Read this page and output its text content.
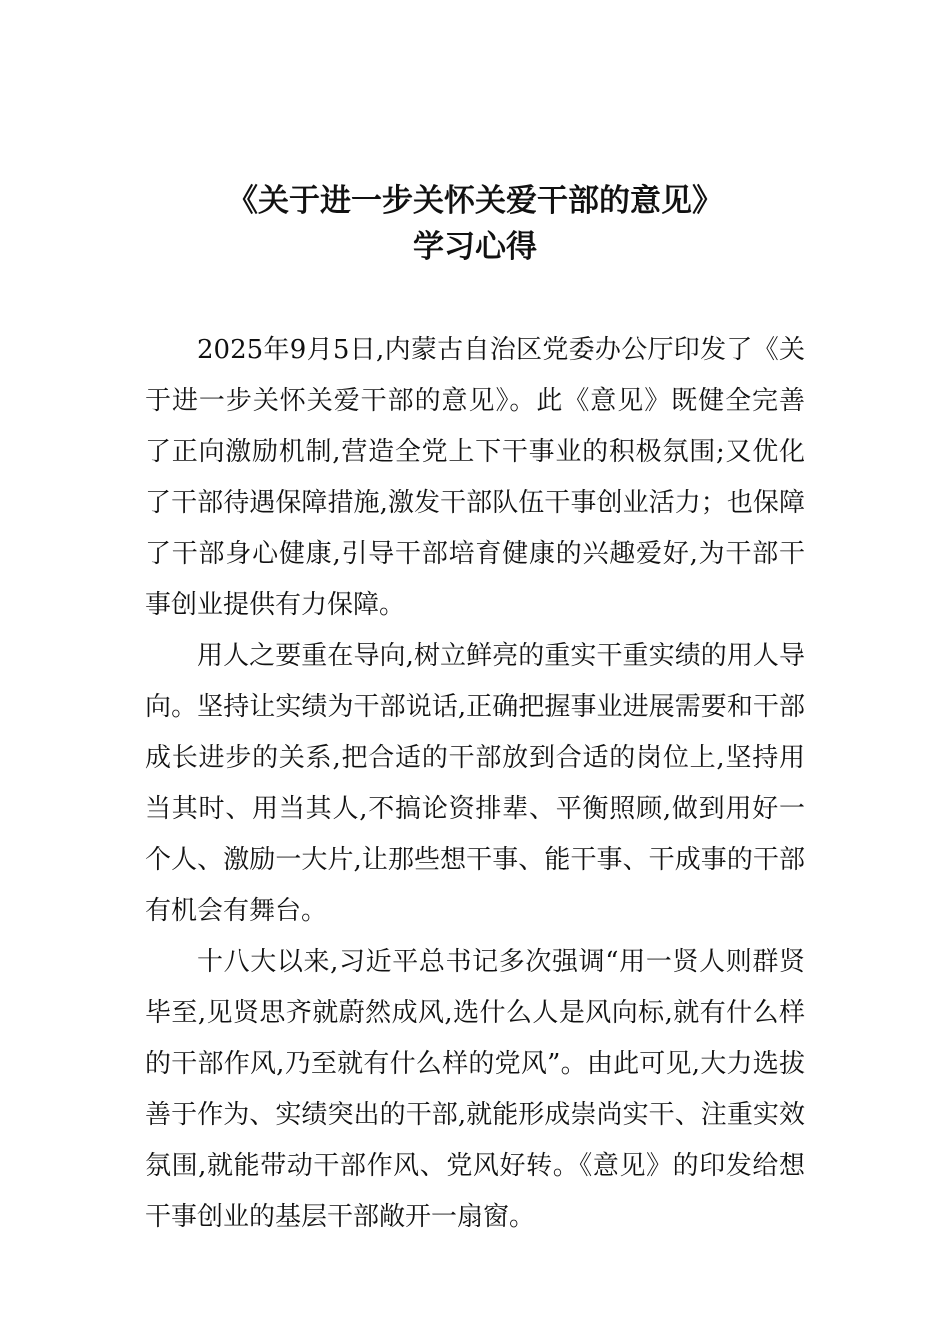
《关于进一步关怀关爱干部的意见》
学习心得

2025年9月5日,内蒙古自治区党委办公厅印发了《关于进一步关怀关爱干部的意见》。此《意见》既健全完善了正向激励机制,营造全党上下干事业的积极氛围;又优化了干部待遇保障措施,激发干部队伍干事创业活力；也保障了干部身心健康,引导干部培育健康的兴趣爱好,为干部干事创业提供有力保障。

用人之要重在导向,树立鲜亮的重实干重实绩的用人导向。坚持让实绩为干部说话,正确把握事业进展需要和干部成长进步的关系,把合适的干部放到合适的岗位上,坚持用当其时、用当其人,不搞论资排辈、平衡照顾,做到用好一个人、激励一大片,让那些想干事、能干事、干成事的干部有机会有舞台。

十八大以来,习近平总书记多次强调“用一贤人则群贤毕至,见贤思齐就蔚然成风,选什么人是风向标,就有什么样的干部作风,乃至就有什么样的党风”。由此可见,大力选拔善于作为、实绩突出的干部,就能形成崇尚实干、注重实效氛围,就能带动干部作风、党风好转。《意见》的印发给想干事创业的基层干部敞开一扇窗。
